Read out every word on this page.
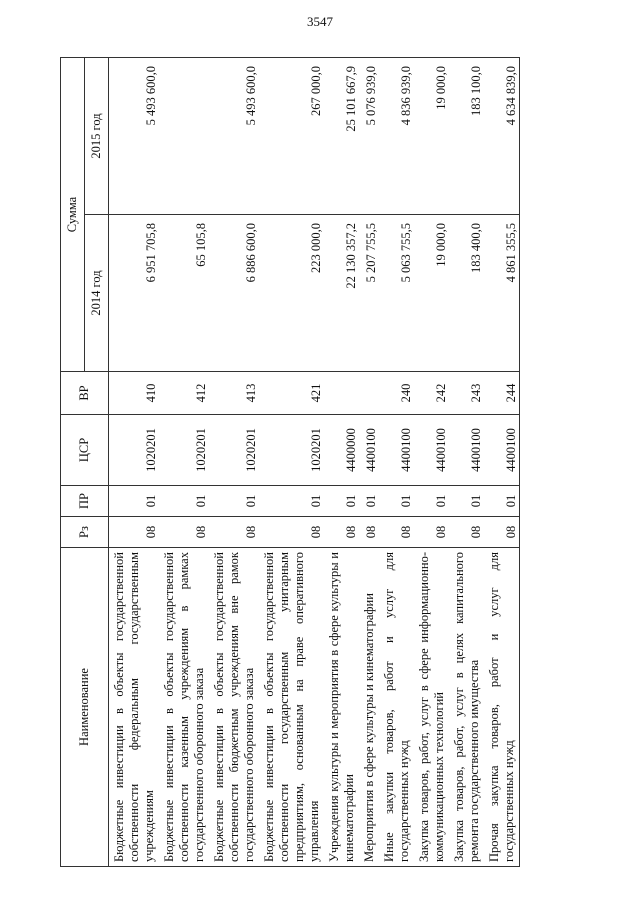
3547
Наименование	Рз	ПР	ЦСР	ВР	Сумма	
					2014 год	2015 год
Бюджетные инвестиции в объекты государственной собственности федеральным государственным учреждениям	08	01	1020201	410	6 951 705,8	5 493 600,0
Бюджетные инвестиции в объекты государственной собственности казенным учреждениям в рамках государственного оборонного заказа	08	01	1020201	412	65 105,8	
Бюджетные инвестиции в объекты государственной собственности бюджетным учреждениям вне рамок государственного оборонного заказа	08	01	1020201	413	6 886 600,0	5 493 600,0
Бюджетные инвестиции в объекты государственной собственности государственным унитарным предприятиям, основанным на праве оперативного управления	08	01	1020201	421	223 000,0	267 000,0
Учреждения культуры и мероприятия в сфере культуры и кинематографии	08	01	4400000		22 130 357,2	25 101 667,9
Мероприятия в сфере культуры и кинематографии	08	01	4400100		5 207 755,5	5 076 939,0
Иные закупки товаров, работ и услуг для государственных нужд	08	01	4400100	240	5 063 755,5	4 836 939,0
Закупка товаров, работ, услуг в сфере информационно-коммуникационных технологий	08	01	4400100	242	19 000,0	19 000,0
Закупка товаров, работ, услуг в целях капитального ремонта государственного имущества	08	01	4400100	243	183 400,0	183 100,0
Прочая закупка товаров, работ и услуг для государственных нужд	08	01	4400100	244	4 861 355,5	4 634 839,0
